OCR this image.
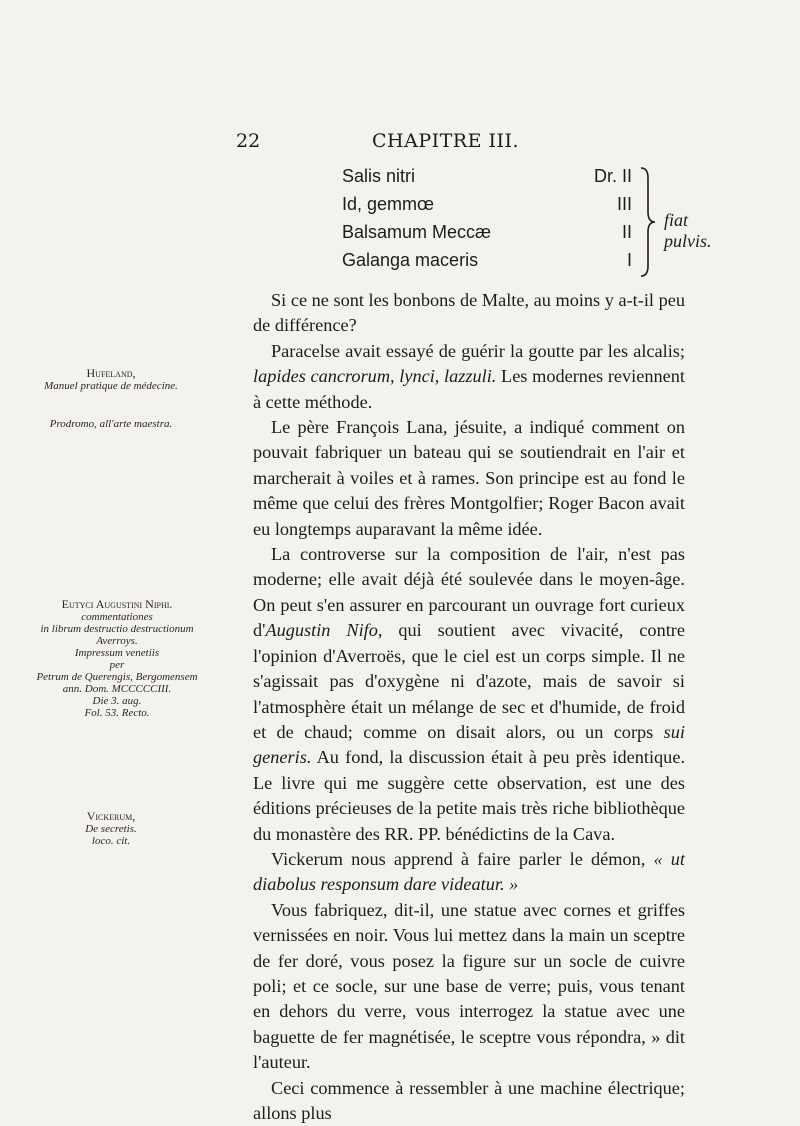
22	CHAPITRE III.
Salis nitri	Dr. II
Id, gemmœ	III
Balsamum Meccæ	II
Galanga maceris	I
fiat pulvis.
Hufeland,
Manuel pratique de médecine.
Prodromo, all'arte maestra.
Eutyci Augustini Niphi.
commentationes
in librum destructio destructionum
Averroys.
Impressum venetiis
per
Petrum de Querengis, Bergomensem
ann. Dom. MCCCCCIII.
Die 3. aug.
Fol. 53. Recto.
Vickerum,
De secretis.
loco. cit.

Si ce ne sont les bonbons de Malte, au moins y a-t-il peu de différence?

Paracelse avait essayé de guérir la goutte par les alcalis; lapides cancrorum, lynci, lazzuli. Les modernes reviennent à cette méthode.

Le père François Lana, jésuite, a indiqué comment on pouvait fabriquer un bateau qui se soutiendrait en l'air et marcherait à voiles et à rames. Son principe est au fond le même que celui des frères Montgolfier; Roger Bacon avait eu longtemps auparavant la même idée.

La controverse sur la composition de l'air, n'est pas moderne; elle avait déjà été soulevée dans le moyen-âge. On peut s'en assurer en parcourant un ouvrage fort curieux d'Augustin Nifo, qui soutient avec vivacité, contre l'opinion d'Averroës, que le ciel est un corps simple. Il ne s'agissait pas d'oxygène ni d'azote, mais de savoir si l'atmosphère était un mélange de sec et d'humide, de froid et de chaud; comme on disait alors, ou un corps sui generis. Au fond, la discussion était à peu près identique. Le livre qui me suggère cette observation, est une des éditions précieuses de la petite mais très riche bibliothèque du monastère des RR. PP. bénédictins de la Cava.

Vickerum nous apprend à faire parler le démon, « ut diabolus responsum dare videatur. »

Vous fabriquez, dit-il, une statue avec cornes et griffes vernissées en noir. Vous lui mettez dans la main un sceptre de fer doré, vous posez la figure sur un socle de cuivre poli; et ce socle, sur une base de verre; puis, vous tenant en dehors du verre, vous interrogez la statue avec une baguette de fer magnétisée, le sceptre vous répondra, » dit l'auteur.

Ceci commence à ressembler à une machine électrique; allons plus
